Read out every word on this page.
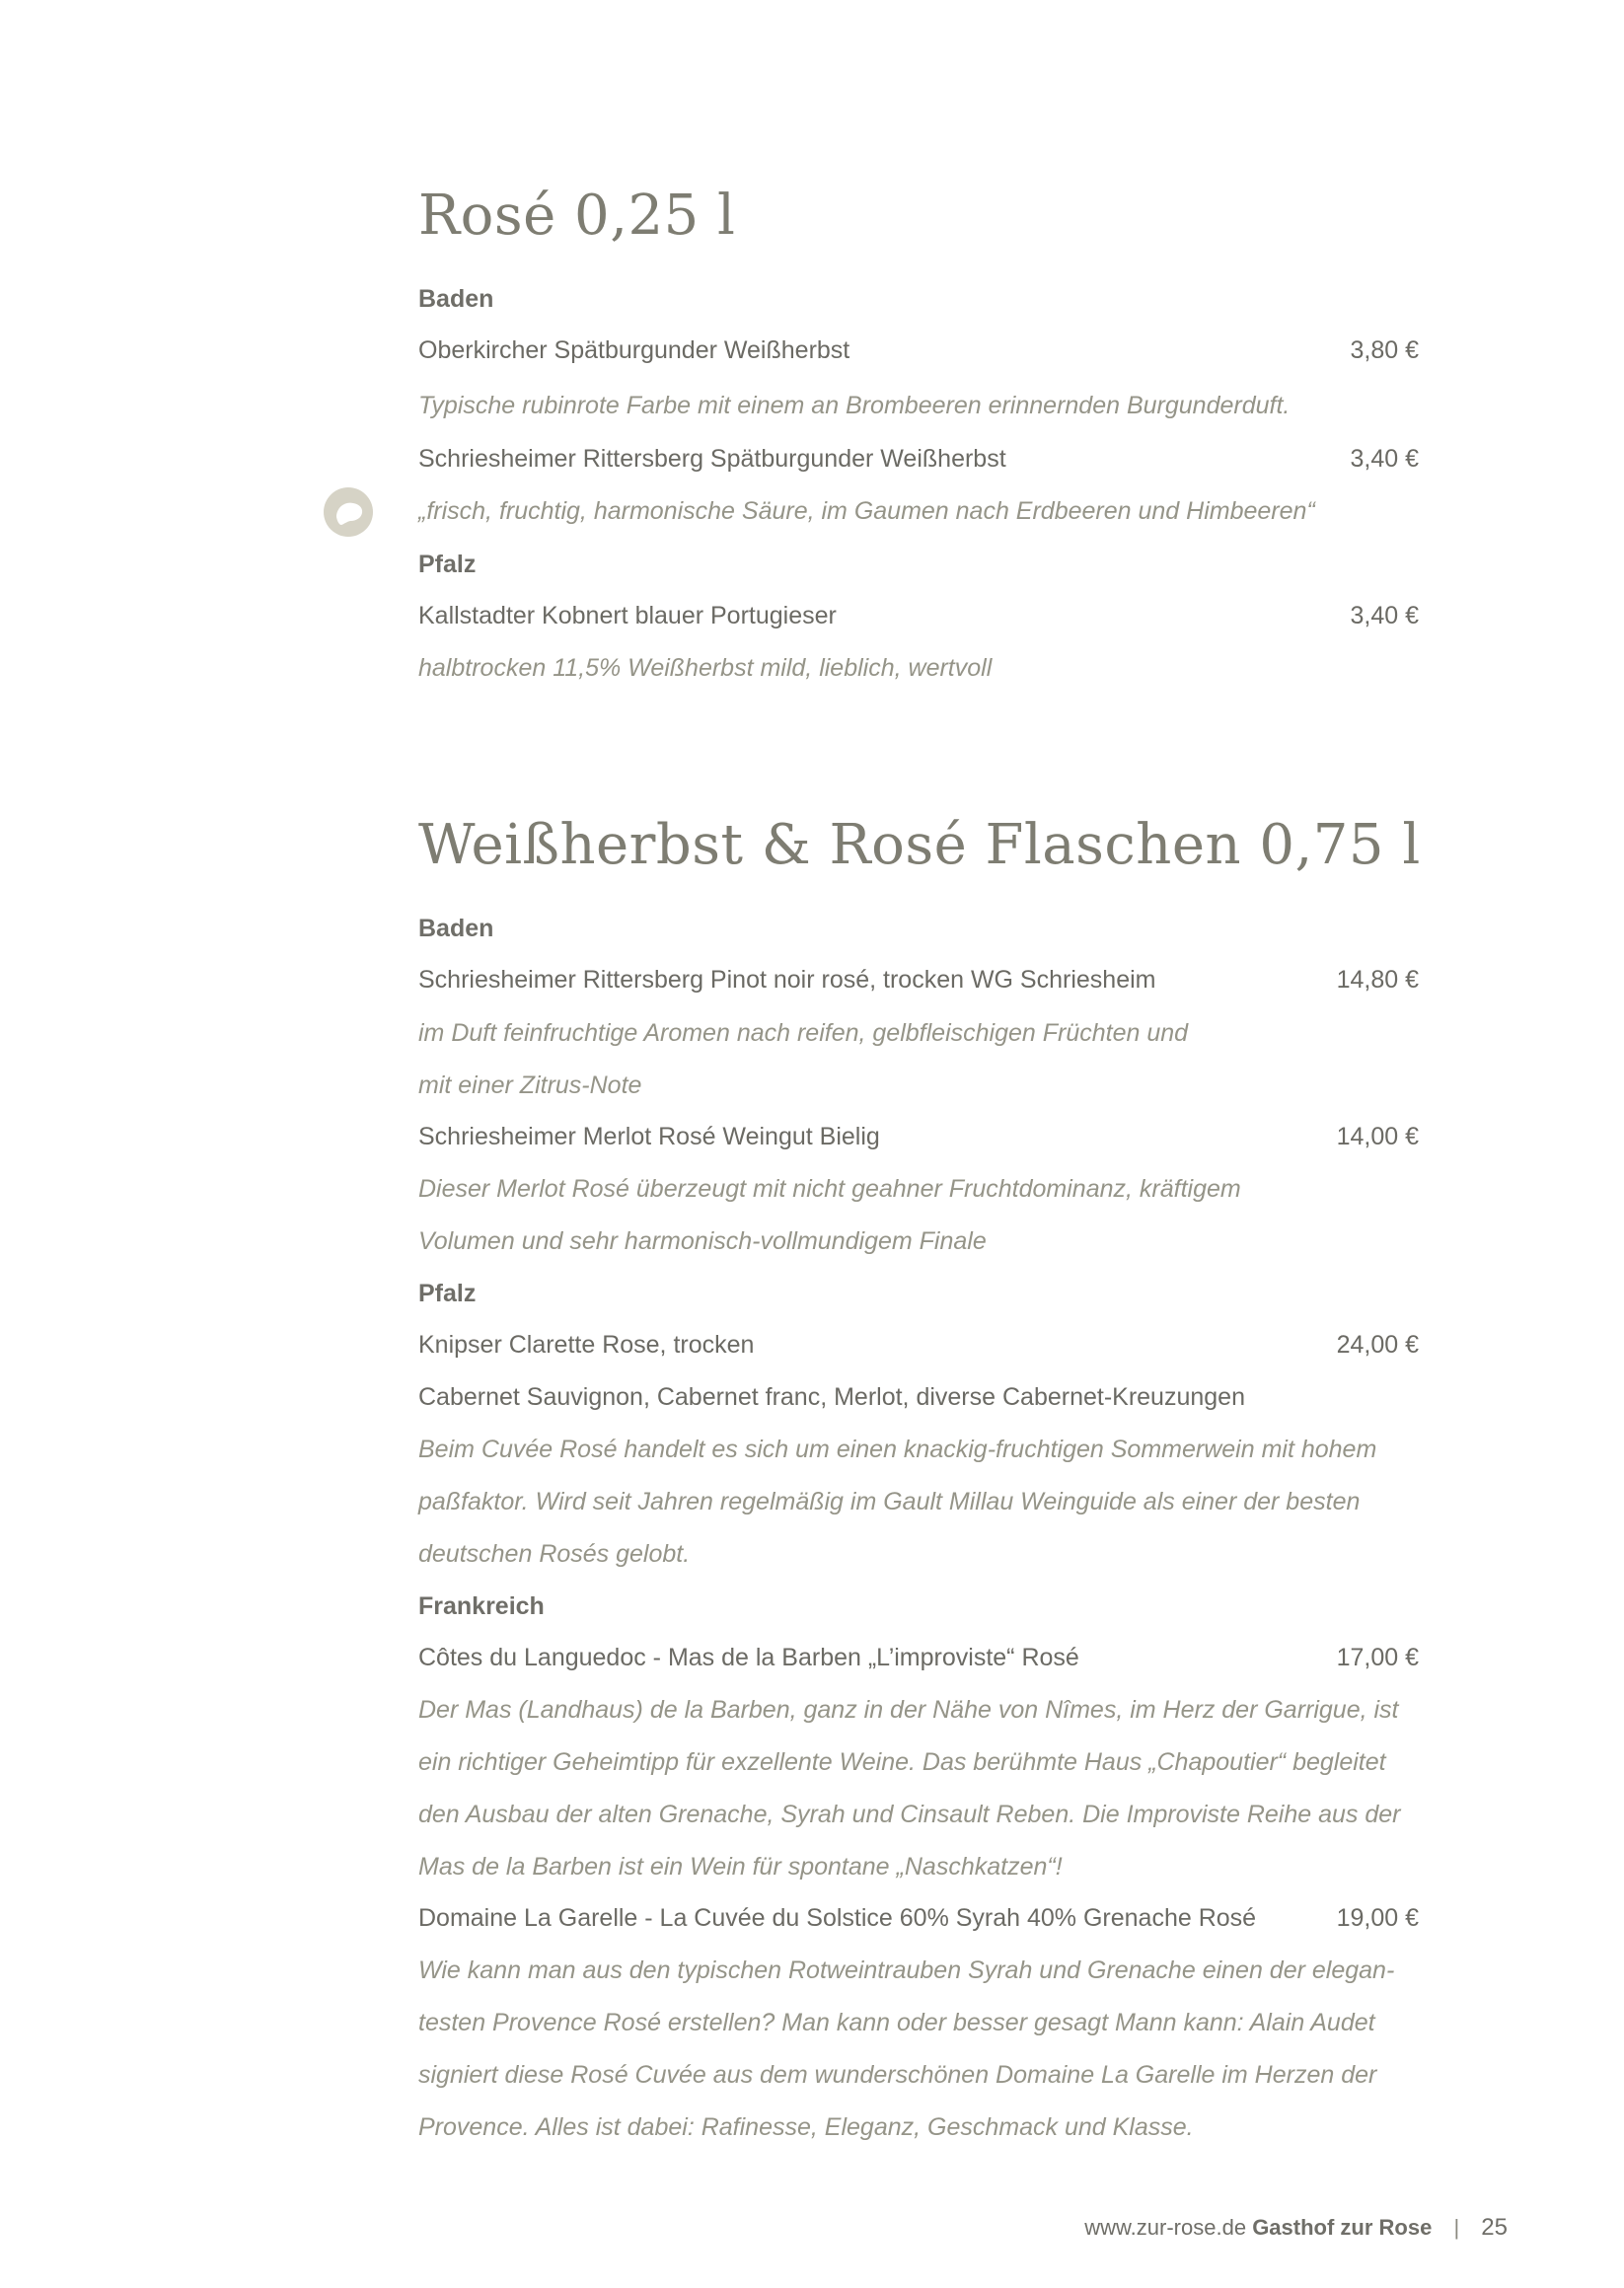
Rosé 0,25 l
Baden
Oberkircher Spätburgunder Weißherbst	3,80 €
Typische rubinrote Farbe mit einem an Brombeeren erinnernden Burgunderduft.
Schriesheimer Rittersberg Spätburgunder Weißherbst	3,40 €
„frisch, fruchtig, harmonische Säure, im Gaumen nach Erdbeeren und Himbeeren“
Pfalz
Kallstadter Kobnert blauer Portugieser	3,40 €
halbtrocken 11,5% Weißherbst mild, lieblich, wertvoll
Weißherbst & Rosé Flaschen 0,75 l
Baden
Schriesheimer Rittersberg Pinot noir rosé, trocken WG Schriesheim	14,80 €
im Duft feinfruchtige Aromen nach reifen, gelbfleischigen Früchten und
mit einer Zitrus-Note
Schriesheimer Merlot Rosé Weingut Bielig	14,00 €
Dieser Merlot Rosé überzeugt mit nicht geahner Fruchtdominanz, kräftigem
Volumen und sehr harmonisch-vollmundigem Finale
Pfalz
Knipser Clarette Rose, trocken	24,00 €
Cabernet Sauvignon, Cabernet franc, Merlot, diverse Cabernet-Kreuzungen
Beim Cuvée Rosé handelt es sich um einen knackig-fruchtigen Sommerwein mit hohem
paßfaktor. Wird seit Jahren regelmäßig im Gault Millau Weinguide als einer der besten
deutschen Rosés gelobt.
Frankreich
Côtes du Languedoc - Mas de la Barben „L’improviste“ Rosé	17,00 €
Der Mas (Landhaus) de la Barben, ganz in der Nähe von Nîmes, im Herz der Garrigue, ist
ein richtiger Geheimtipp für exzellente Weine. Das berühmte Haus „Chapoutier“ begleitet
den Ausbau der alten Grenache, Syrah und Cinsault Reben. Die Improviste Reihe aus der
Mas de la Barben ist ein Wein für spontane „Naschkatzen“!
Domaine La Garelle - La Cuvée du Solstice 60% Syrah 40% Grenache Rosé	19,00 €
Wie kann man aus den typischen Rotweintrauben Syrah und Grenache einen der elegan-
testen Provence Rosé erstellen? Man kann oder besser gesagt Mann kann: Alain Audet
signiert diese Rosé Cuvée aus dem wunderschönen Domaine La Garelle im Herzen der
Provence. Alles ist dabei: Rafinesse, Eleganz, Geschmack und Klasse.
www.zur-rose.de Gasthof zur Rose | 25
